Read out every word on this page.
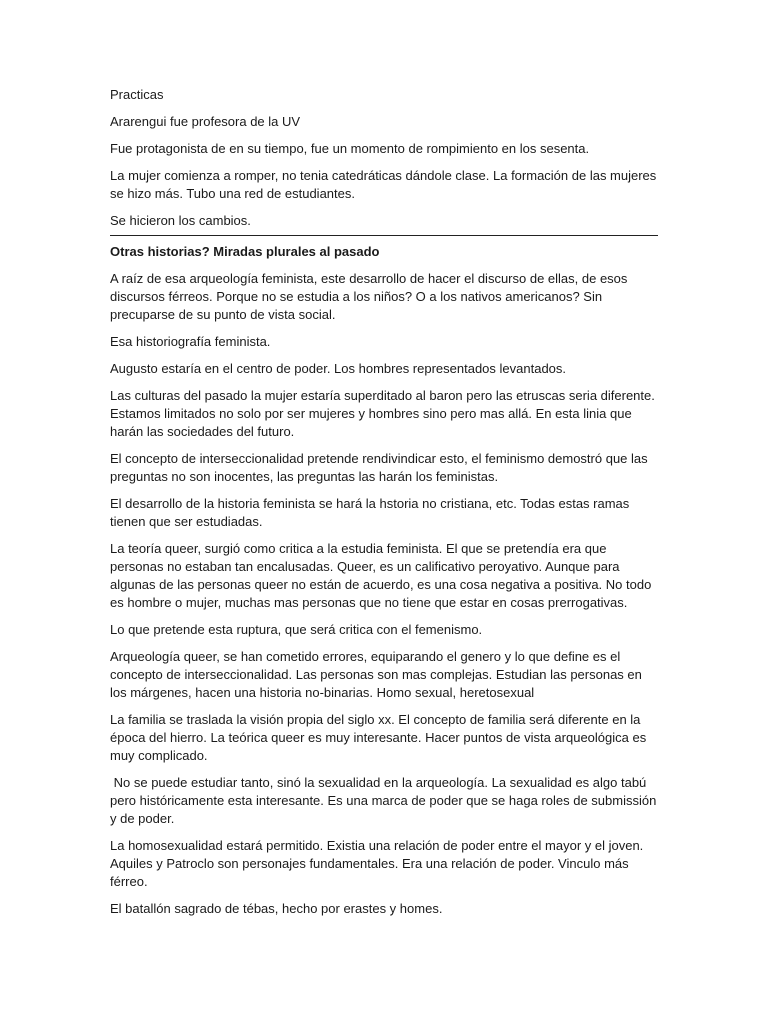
Practicas

Ararengui fue profesora de la UV

Fue protagonista de en su tiempo, fue un momento de rompimiento en los sesenta.

La mujer comienza a romper, no tenia catedráticas dándole clase. La formación de las mujeres se hizo más. Tubo una red de estudiantes.

Se hicieron los cambios.

Otras historias? Miradas plurales al pasado

A raíz de esa arqueología feminista, este desarrollo de hacer el discurso de ellas, de esos discursos férreos. Porque no se estudia a los niños? O a los nativos americanos? Sin precuparse de su punto de vista social.

Esa historiografía feminista.

Augusto estaría en el centro de poder. Los hombres representados levantados.

Las culturas del pasado la mujer estaría superditado al baron pero las etruscas seria diferente. Estamos limitados no solo por ser mujeres y hombres sino pero mas allá. En esta linia que harán las sociedades del futuro.

El concepto de interseccionalidad pretende rendivindicar esto, el feminismo demostró que las preguntas no son inocentes, las preguntas las harán los feministas.

El desarrollo de la historia feminista se hará la hstoria no cristiana, etc. Todas estas ramas tienen que ser estudiadas.

La teoría queer, surgió como critica a la estudia feminista. El que se pretendía era que personas no estaban tan encalusadas. Queer, es un calificativo peroyativo. Aunque para algunas de las personas queer no están de acuerdo, es una cosa negativa a positiva. No todo es hombre o mujer, muchas mas personas que no tiene que estar en cosas prerrogativas.

Lo que pretende esta ruptura, que será critica con el femenismo.

Arqueología queer, se han cometido errores, equiparando el genero y lo que define es el concepto de interseccionalidad. Las personas son mas complejas. Estudian las personas en los márgenes, hacen una historia no-binarias. Homo sexual, heretosexual

La familia se traslada la visión propia del siglo xx. El concepto de familia será diferente en la época del hierro. La teórica queer es muy interesante. Hacer puntos de vista arqueológica es muy complicado.

No se puede estudiar tanto, sinó la sexualidad en la arqueología. La sexualidad es algo tabú pero históricamente esta interesante. Es una marca de poder que se haga roles de submissión y de poder.

La homosexualidad estará permitido. Existia una relación de poder entre el mayor y el joven. Aquiles y Patroclo son personajes fundamentales. Era una relación de poder. Vinculo más férreo.

El batallón sagrado de tébas, hecho por erastes y homes.
